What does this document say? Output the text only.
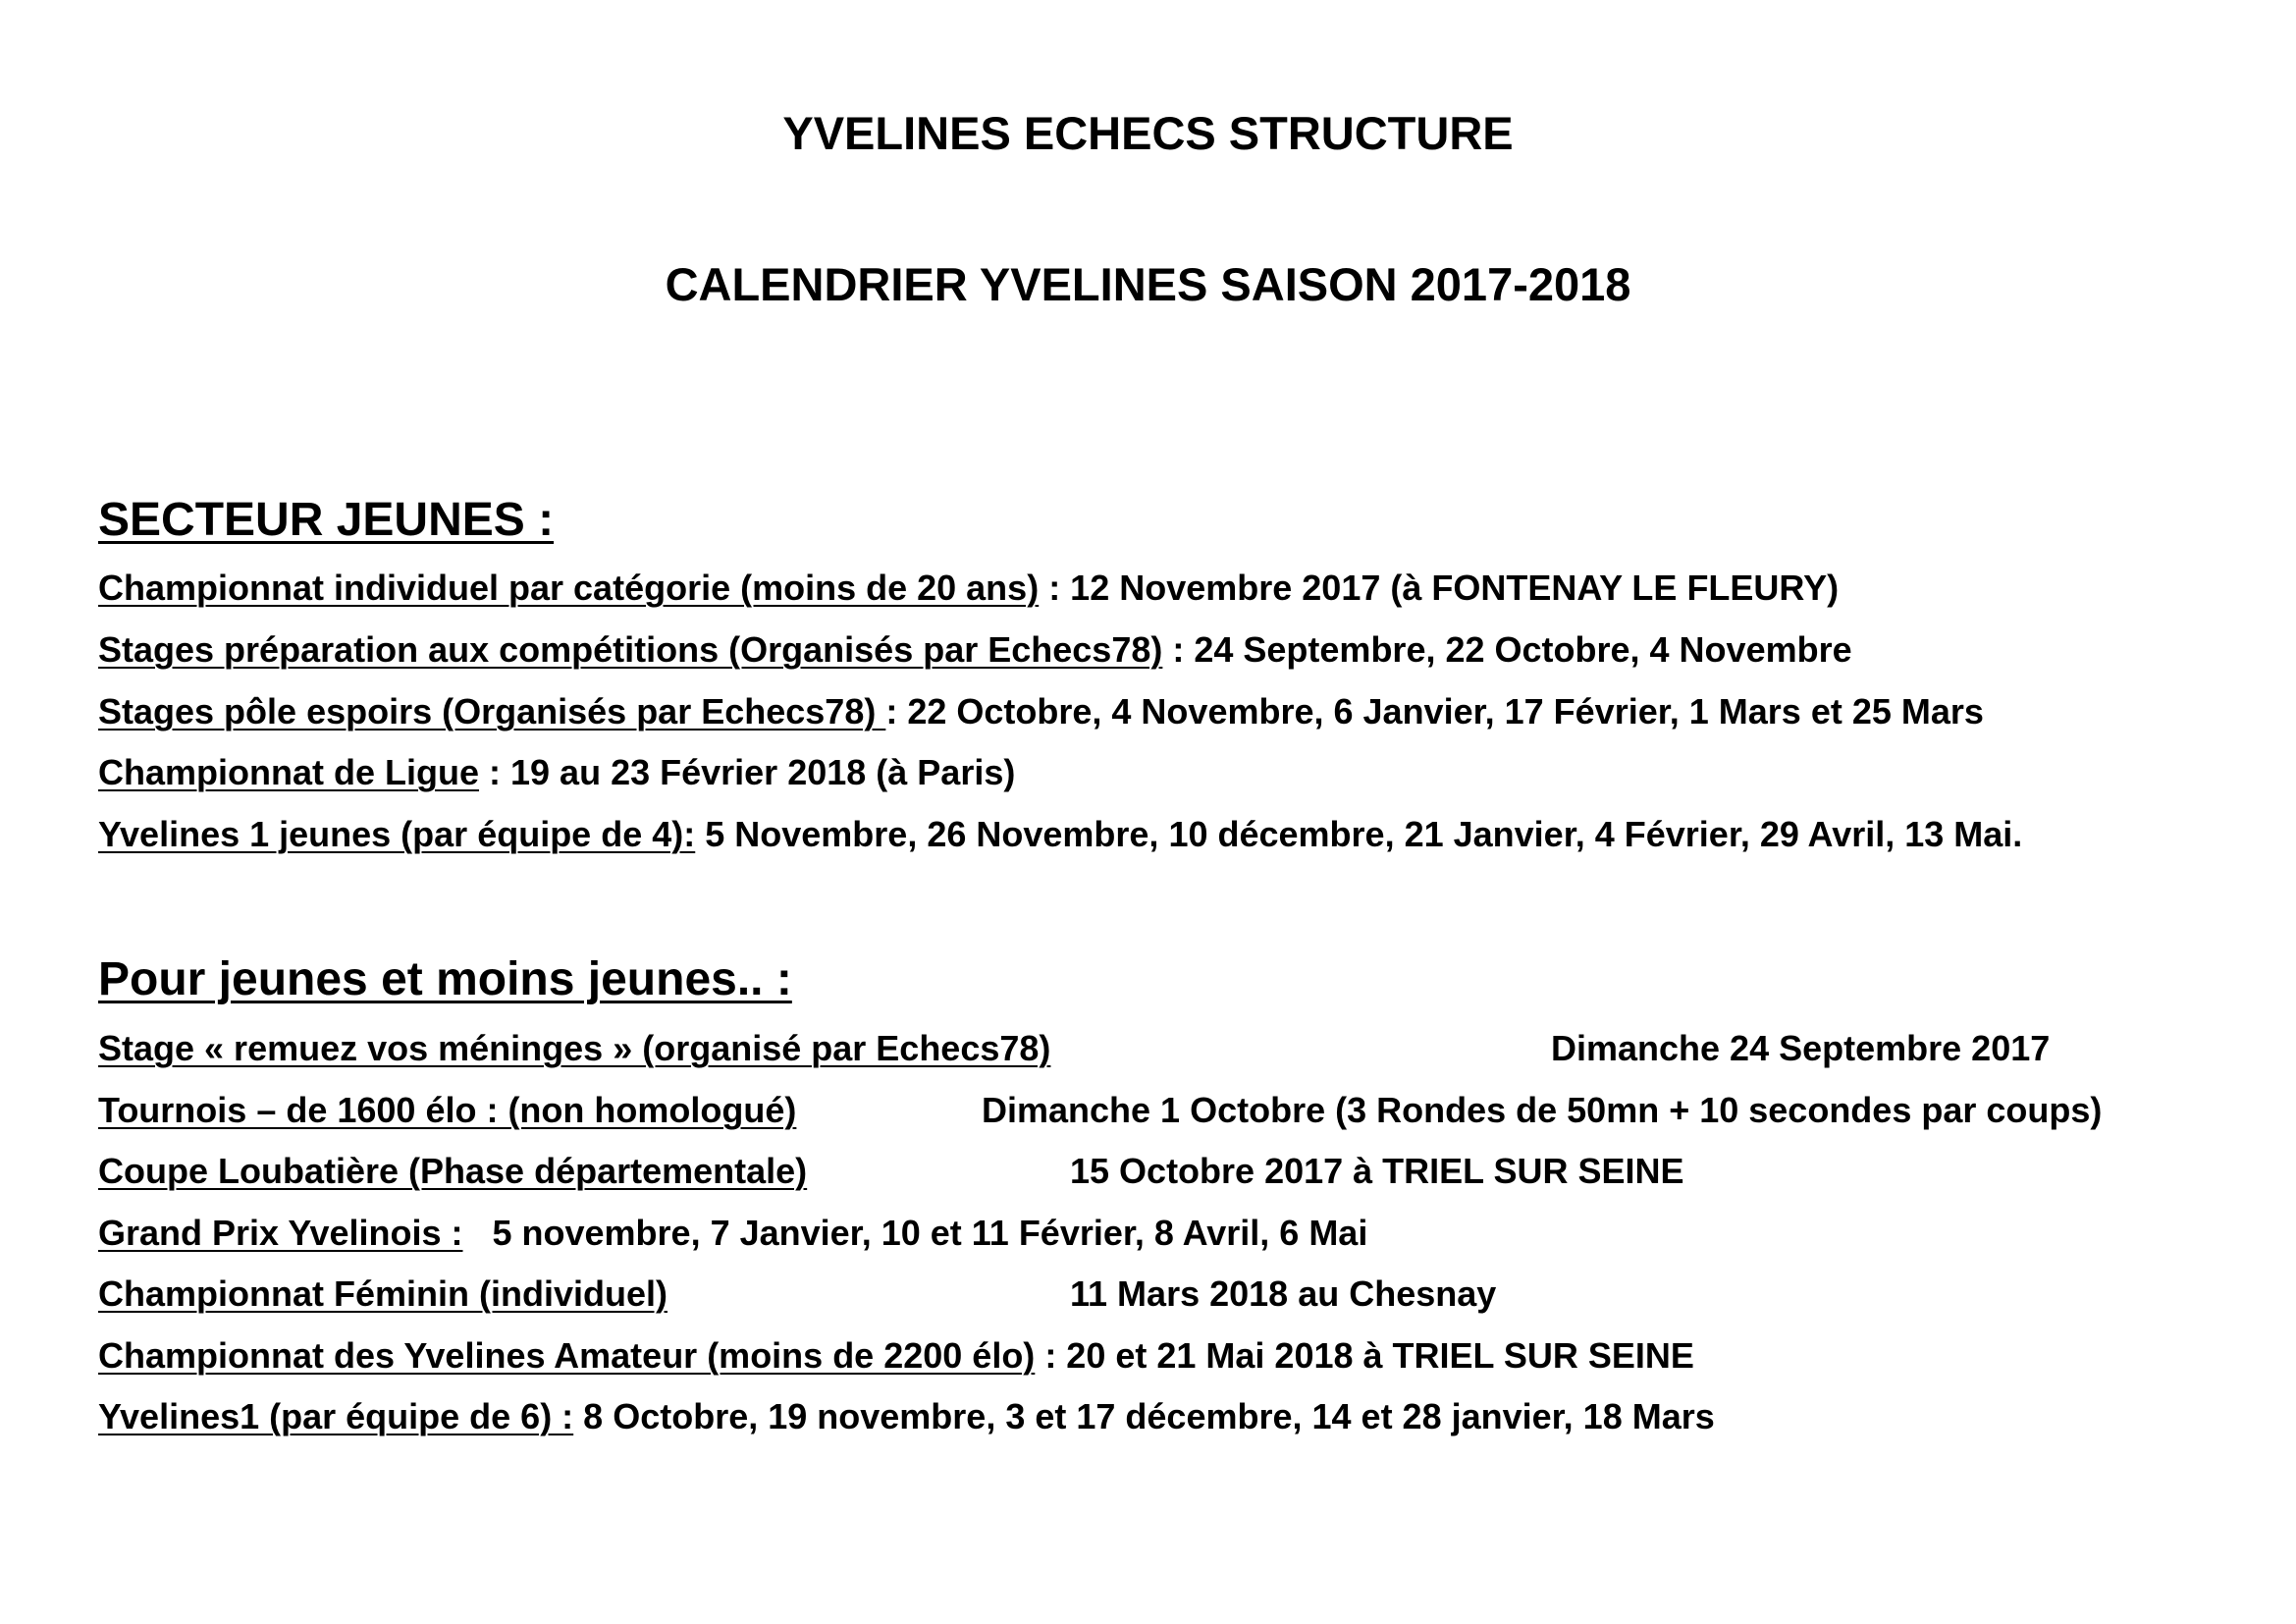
YVELINES ECHECS STRUCTURE
CALENDRIER YVELINES SAISON 2017-2018
SECTEUR JEUNES :
Championnat individuel par catégorie (moins de 20 ans) : 12 Novembre 2017 (à FONTENAY LE FLEURY)
Stages préparation aux compétitions (Organisés par Echecs78) : 24 Septembre, 22 Octobre, 4 Novembre
Stages pôle espoirs (Organisés par Echecs78) : 22 Octobre, 4 Novembre, 6 Janvier, 17 Février, 1 Mars et 25 Mars
Championnat de Ligue : 19 au 23 Février 2018 (à Paris)
Yvelines 1 jeunes (par équipe de 4): 5 Novembre, 26 Novembre, 10 décembre, 21 Janvier, 4 Février, 29 Avril, 13 Mai.
Pour jeunes et moins jeunes.. :
Stage « remuez vos méninges » (organisé par Echecs78)	Dimanche 24 Septembre 2017
Tournois – de 1600 élo : (non homologué)	Dimanche 1 Octobre (3 Rondes de 50mn + 10 secondes par coups)
Coupe Loubatière (Phase départementale)	15 Octobre 2017 à TRIEL SUR SEINE
Grand Prix Yvelinois :   5 novembre, 7 Janvier, 10 et 11 Février, 8 Avril, 6 Mai
Championnat Féminin (individuel)	11 Mars 2018 au Chesnay
Championnat des Yvelines Amateur (moins de 2200 élo) : 20 et 21 Mai 2018 à TRIEL SUR SEINE
Yvelines1 (par équipe de 6) : 8 Octobre, 19 novembre, 3 et 17 décembre, 14 et 28 janvier, 18 Mars
